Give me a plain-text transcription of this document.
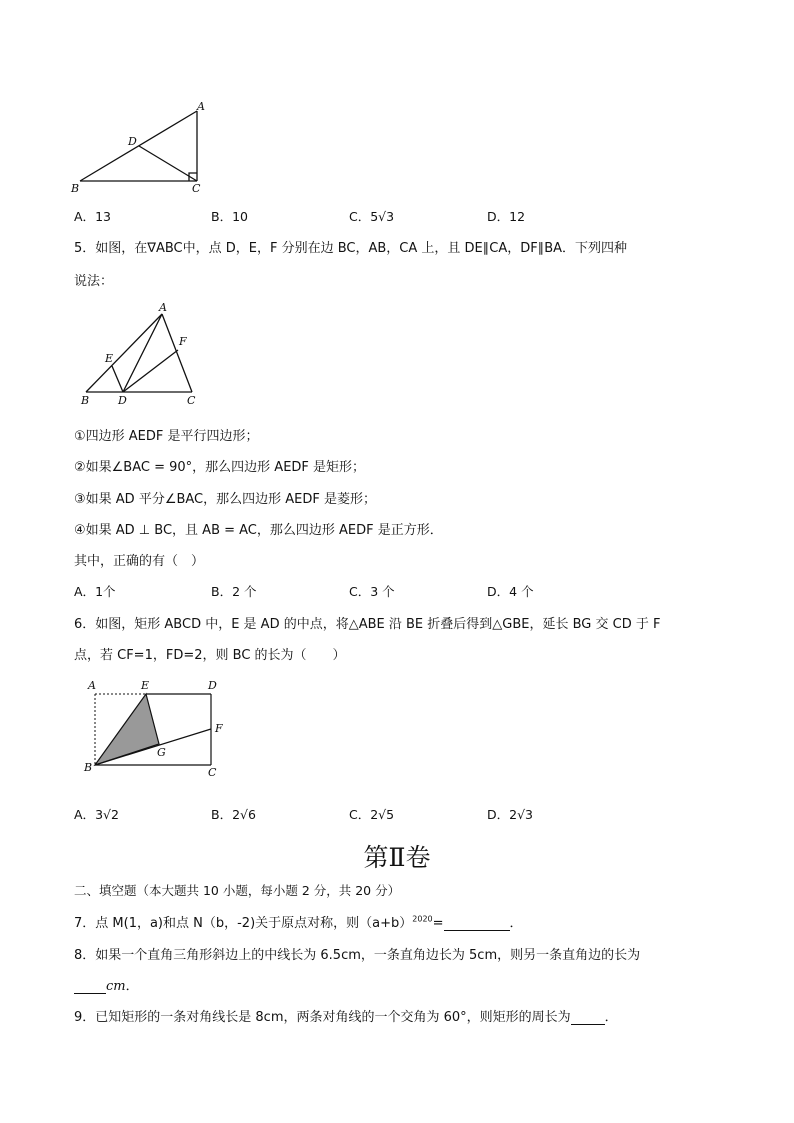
A
B	C
D
A．13	B．10	C．5√3	D．12
5．如图，在∇ABC中，点 D，E，F 分别在边 BC，AB，CA 上，且 DE∥CA，DF∥BA．下列四种
说法：
A
B	C
D
E
F
①四边形 AEDF 是平行四边形；
②如果∠BAC = 90°，那么四边形 AEDF 是矩形；
③如果 AD 平分∠BAC，那么四边形 AEDF 是菱形；
④如果 AD ⊥ BC，且 AB = AC，那么四边形 AEDF 是正方形．
其中，正确的有（　）
A．1个	B．2 个	C．3 个	D．4 个
6．如图，矩形 ABCD 中，E 是 AD 的中点，将△ABE 沿 BE 折叠后得到△GBE，延长 BG 交 CD 于 F
点，若 CF=1，FD=2，则 BC 的长为（　　）
A
B	C
D
E
F
G
A．3√2	B．2√6	C．2√5	D．2√3
第Ⅱ卷
二、填空题（本大题共 10 小题，每小题 2 分，共 20 分）
7．点 M(1，a)和点 N（b，-2)关于原点对称，则$(a+b)^{2020}=$	．
8．如果一个直角三角形斜边上的中线长为 6.5cm，一条直角边长为 5cm，则另一条直角边的长为
cm．
9．已知矩形的一条对角线长是 8cm，两条对角线的一个交角为 60°，则矩形的周长为	．
